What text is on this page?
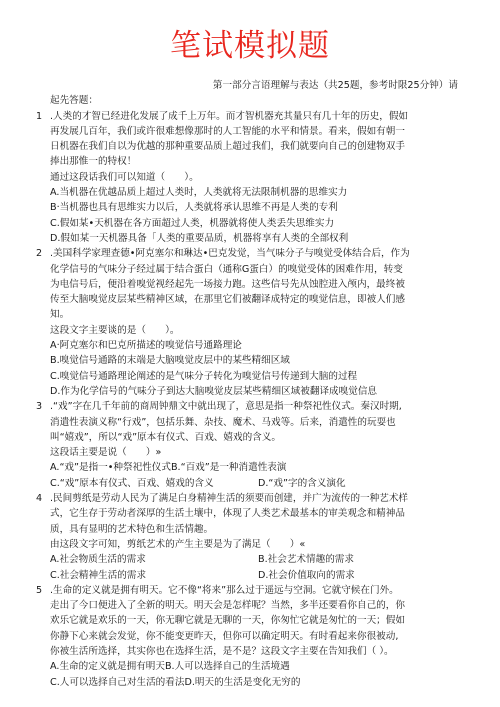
笔试模拟题
第一部分言语理解与表达（共25题，参考时限25分钟）请
起先答题：
1 .人类的才智已经进化发展了成千上万年。而才智机器充其量只有几十年的历史，假如
再发展几百年，我们或许很难想像那时的人工智能的水平和情景。看来，假如有朝一
日机器在我们自以为优越的那种重要品质上超过我们，我们就要向自己的创建物双手
捧出那惟一的特权！
通过这段话我们可以知道（　　）。
A.当机器在优越品质上超过人类时，人类就将无法限制机器的思维实力
B·当机器也具有思维实力以后，人类就将承认思维不再是人类的专利
C.假如某•天机器在各方面超过人类，机器就将使人类丢失思维实力
D.假如某一天机器具备「人类的重要品质，机器将享有人类的全部权利
2 .美国科学家理查德•阿克塞尔和琳达•巴克发觉，当气味分子与嗅觉受体结合后，作为
化学信号的气味分子经过属于结合蛋白（通称G蛋白）的嗅觉受体的困难作用，转变
为电信号后，便沿着嗅觉视经起先一场接力跑。这些信号先从蚀腔进入颅内，最终被
传至大脑嗅觉皮层某些精神区域，在那里它们被翻译成特定的嗅觉信息，即被人们感
知。
这段文字主要谈的是（　　）。
A·阿克塞尔和巴克所描述的嗅觉信号通路理论
B.嗅觉信号通路的末端是大脑嗅觉皮层中的某些精细区域
C.嗅觉信号通路理论阐述的是气味分子转化为嗅觉信号传递到大脑的过程
D.作为化学信号的气味分子到达大脑嗅觉皮层某些精细区域被翻译成嗅觉信息
3 .“戏”字在几千年前的商周钟鼎文中就出现了，意思是指一种祭祀性仪式。秦汉时期,
消遣性表演义称“行戏”，包括乐舞、杂技、魔术、马戏等。后来，消遣性的玩耍也
叫“嬉戏”，所以“戏”原本有仪式、百戏、嬉戏的含义。
这段话主要是说（　　）»
A.“戏”是指一•种祭祀性仪式B.“百戏”是一种消遣性表演
C.“戏”原本有仪式、百戏、嬉戏的含义	D.“戏”字的含义演化
4 .民间剪纸是劳动人民为了满足白身精神生活的须要而创建，并广为流传的一种艺术样
式，它生存于劳动者深厚的生活土壤中，体现了人类艺术最基本的审美观念和精神品
质，具有显明的艺术特色和生活情趣。
由这段文字可知，剪纸艺术的产生主要是为了满足（　　）«
A.社会物质生活的需求	B.社会艺术情趣的需求
C.社会精神生活的需求	D.社会价值取向的需求
5 .生命的定义就是拥有明天。它不像“将来”那么过于遥远与空洞。它就守候在门外。
走出了今口便进入了全新的明天。明天会是怎样呢？当然，多半还要看你自己的，你
欢乐它就是欢乐的一天，你无聊它就是无聊的一天，你匆忙它就是匆忙的一天；假如
你静下心来就会发觉，你不能变更昨天，但你可以确定明天。有时看起来你很被动,
你被生活所选择，其实你也在选择生活，是不是？这段文字主要在告知我们（ ）。
A.生命的定义就是拥有明天B.人可以选择自己的生活境遇
C.人可以选择自己对生活的看法D.明天的生活是变化无穷的
